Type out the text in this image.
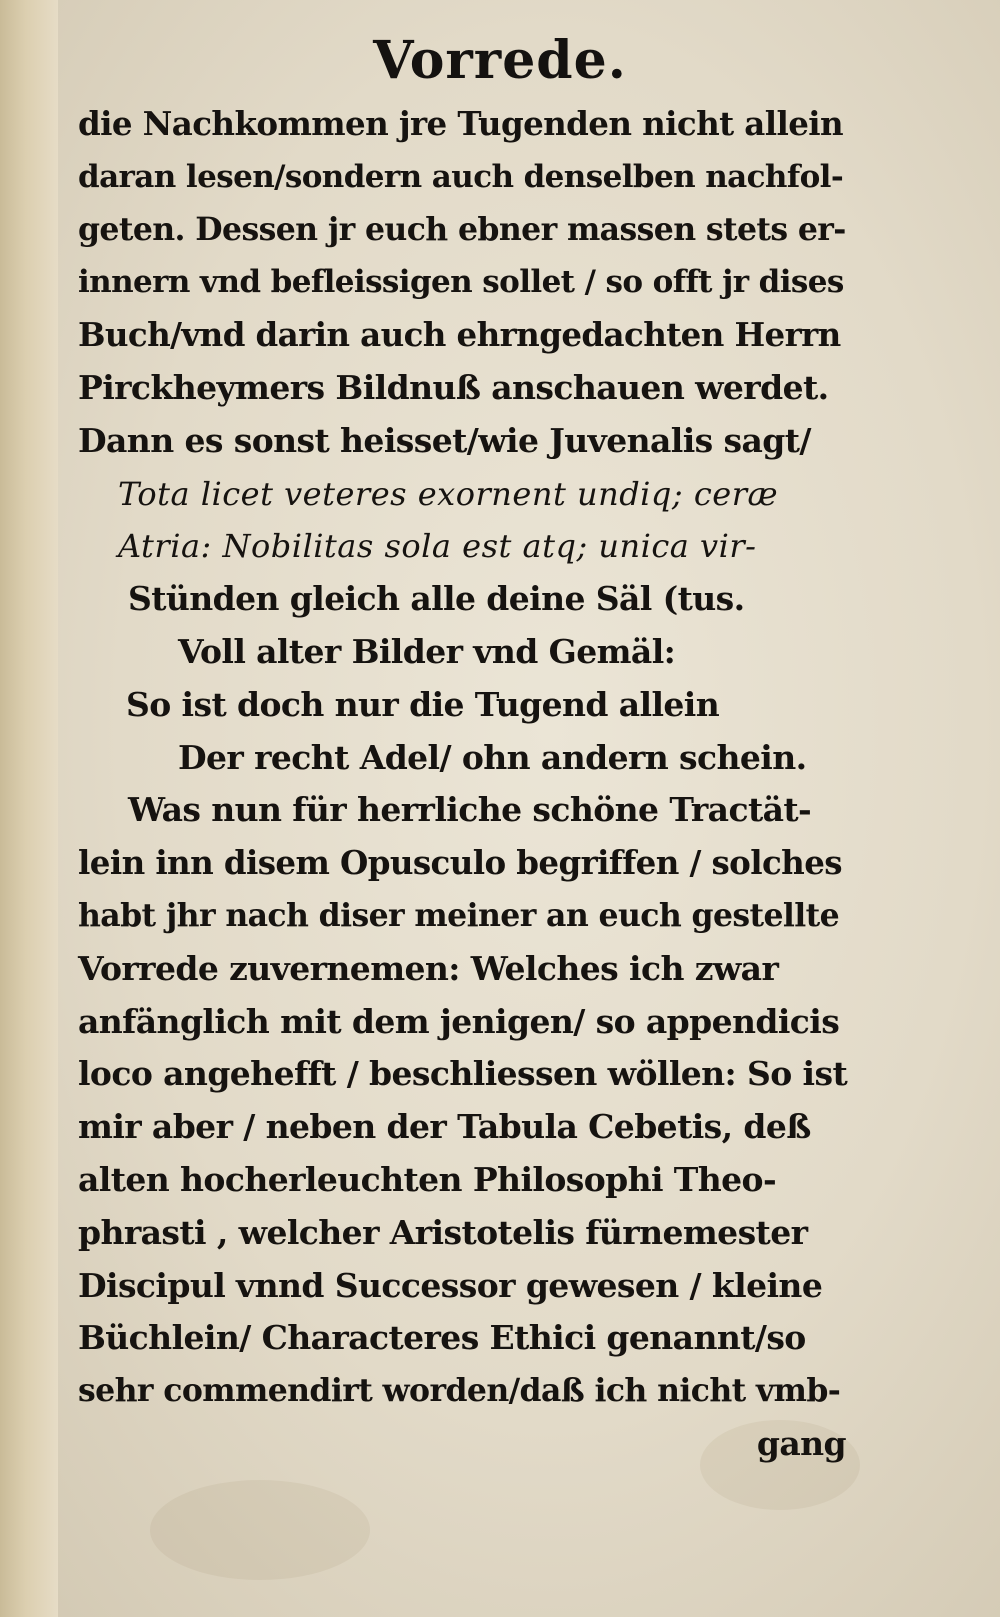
Vorrede.
die Nachkommen jre Tugenden nicht allein
daran lesen/sondern auch denselben nachfol-
geten. Dessen jr euch ebner massen stets er-
innern vnd befleissigen sollet / so offt jr dises
Buch/vnd darin auch ehrngedachten Herrn
Pirckheymers Bildnuß anschauen werdet.
Dann es sonst heisset/wie Juvenalis sagt/
Tota licet veteres exornent undiq; ceræ
Atria: Nobilitas sola est atq; unica vir-
Stünden gleich alle deine Säl (tus.
Voll alter Bilder vnd Gemäl:
So ist doch nur die Tugend allein
Der recht Adel/ ohn andern schein.
Was nun für herrliche schöne Tractät-
lein inn disem Opusculo begriffen / solches
habt jhr nach diser meiner an euch gestellte
Vorrede zuvernemen: Welches ich zwar
anfänglich mit dem jenigen/ so appendicis
loco angehefft / beschliessen wöllen: So ist
mir aber / neben der Tabula Cebetis, deß
alten hocherleuchten Philosophi Theo-
phrasti , welcher Aristotelis fürnemester
Discipul vnnd Successor gewesen / kleine
Büchlein/ Characteres Ethici genannt/so
sehr commendirt worden/daß ich nicht vmb-
gang
